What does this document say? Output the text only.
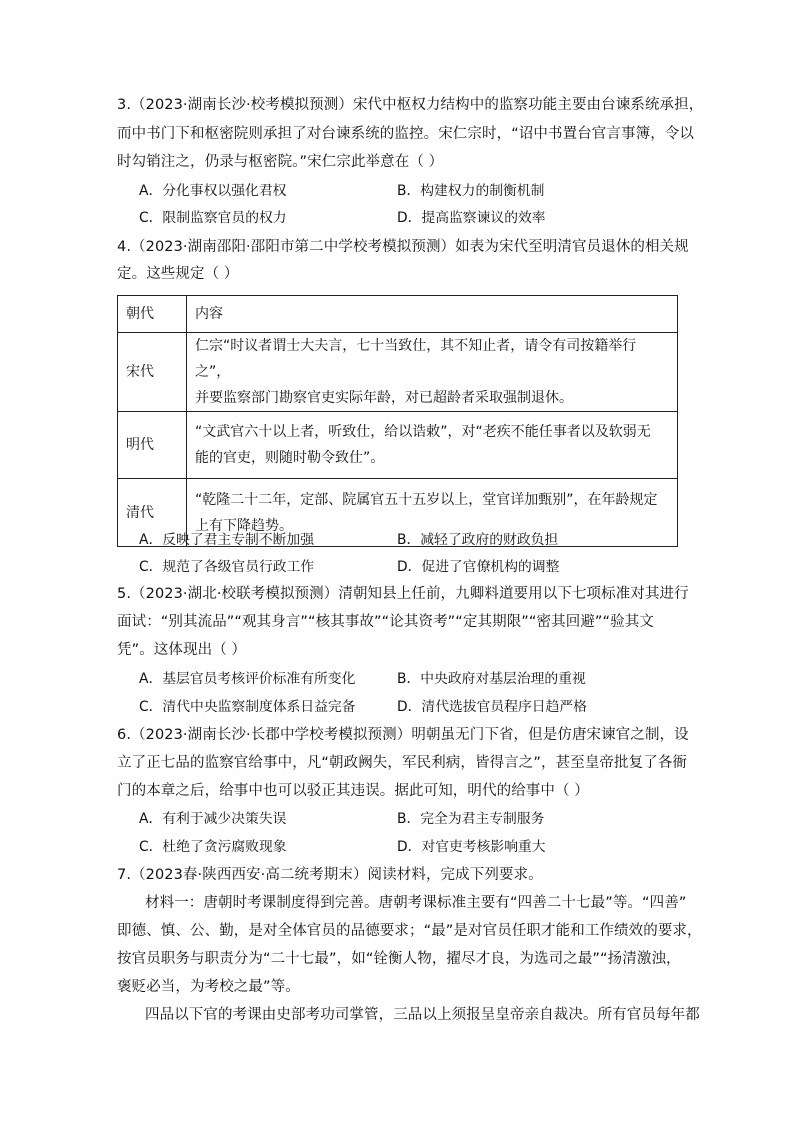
3.（2023·湖南长沙·校考模拟预测）宋代中枢权力结构中的监察功能主要由台谏系统承担，
而中书门下和枢密院则承担了对台谏系统的监控。宋仁宗时，“诏中书置台官言事簿，令以
时勾销注之，仍录与枢密院。”宋仁宗此举意在（ ）
A．分化事权以强化君权	B．构建权力的制衡机制
C．限制监察官员的权力	D．提高监察谏议的效率
4.（2023·湖南邵阳·邵阳市第二中学校考模拟预测）如表为宋代至明清官员退休的相关规
定。这些规定（ ）
朝代	内容
宋代	仁宗“时议者谓士大夫言，七十当致仕，其不知止者，请令有司按籍举行之”，
并要监察部门勘察官吏实际年龄，对已超龄者采取强制退休。

明代	“文武官六十以上者，听致仕，给以诰敕”，对“老疾不能任事者以及软弱无
能的官吏，则随时勒令致仕”。

清代	“乾隆二十二年，定部、院属官五十五岁以上，堂官详加甄别”，在年龄规定
上有下降趋势。
A．反映了君主专制不断加强	B．减轻了政府的财政负担
C．规范了各级官员行政工作	D．促进了官僚机构的调整
5.（2023·湖北·校联考模拟预测）清朝知县上任前，九卿料道要用以下七项标准对其进行
面试：“别其流品”“观其身言”“核其事故”“论其资考”“定其期限”“密其回避”“验其文
凭”。这体现出（ ）
A．基层官员考核评价标准有所变化	B．中央政府对基层治理的重视
C．清代中央监察制度体系日益完备	D．清代选拔官员程序日趋严格
6.（2023·湖南长沙·长郡中学校考模拟预测）明朝虽无门下省，但是仿唐宋谏官之制，设
立了正七品的监察官给事中，凡“朝政阙失，军民利病，皆得言之”，甚至皇帝批复了各衙
门的本章之后，给事中也可以驳正其违误。据此可知，明代的给事中（ ）
A．有利于减少决策失误	B．完全为君主专制服务
C．杜绝了贪污腐败现象	D．对官吏考核影响重大
7.（2023春·陕西西安·高二统考期末）阅读材料，完成下列要求。
材料一：唐朝时考课制度得到完善。唐朝考课标准主要有“四善二十七最”等。“四善”
即德、慎、公、勤，是对全体官员的品德要求；“最”是对官员任职才能和工作绩效的要求，
按官员职务与职责分为“二十七最”，如“铨衡人物，擢尽才良，为选司之最”“扬清激浊，
褒贬必当，为考校之最”等。
四品以下官的考课由史部考功司掌管，三品以上须报呈皇帝亲自裁决。所有官员每年都
